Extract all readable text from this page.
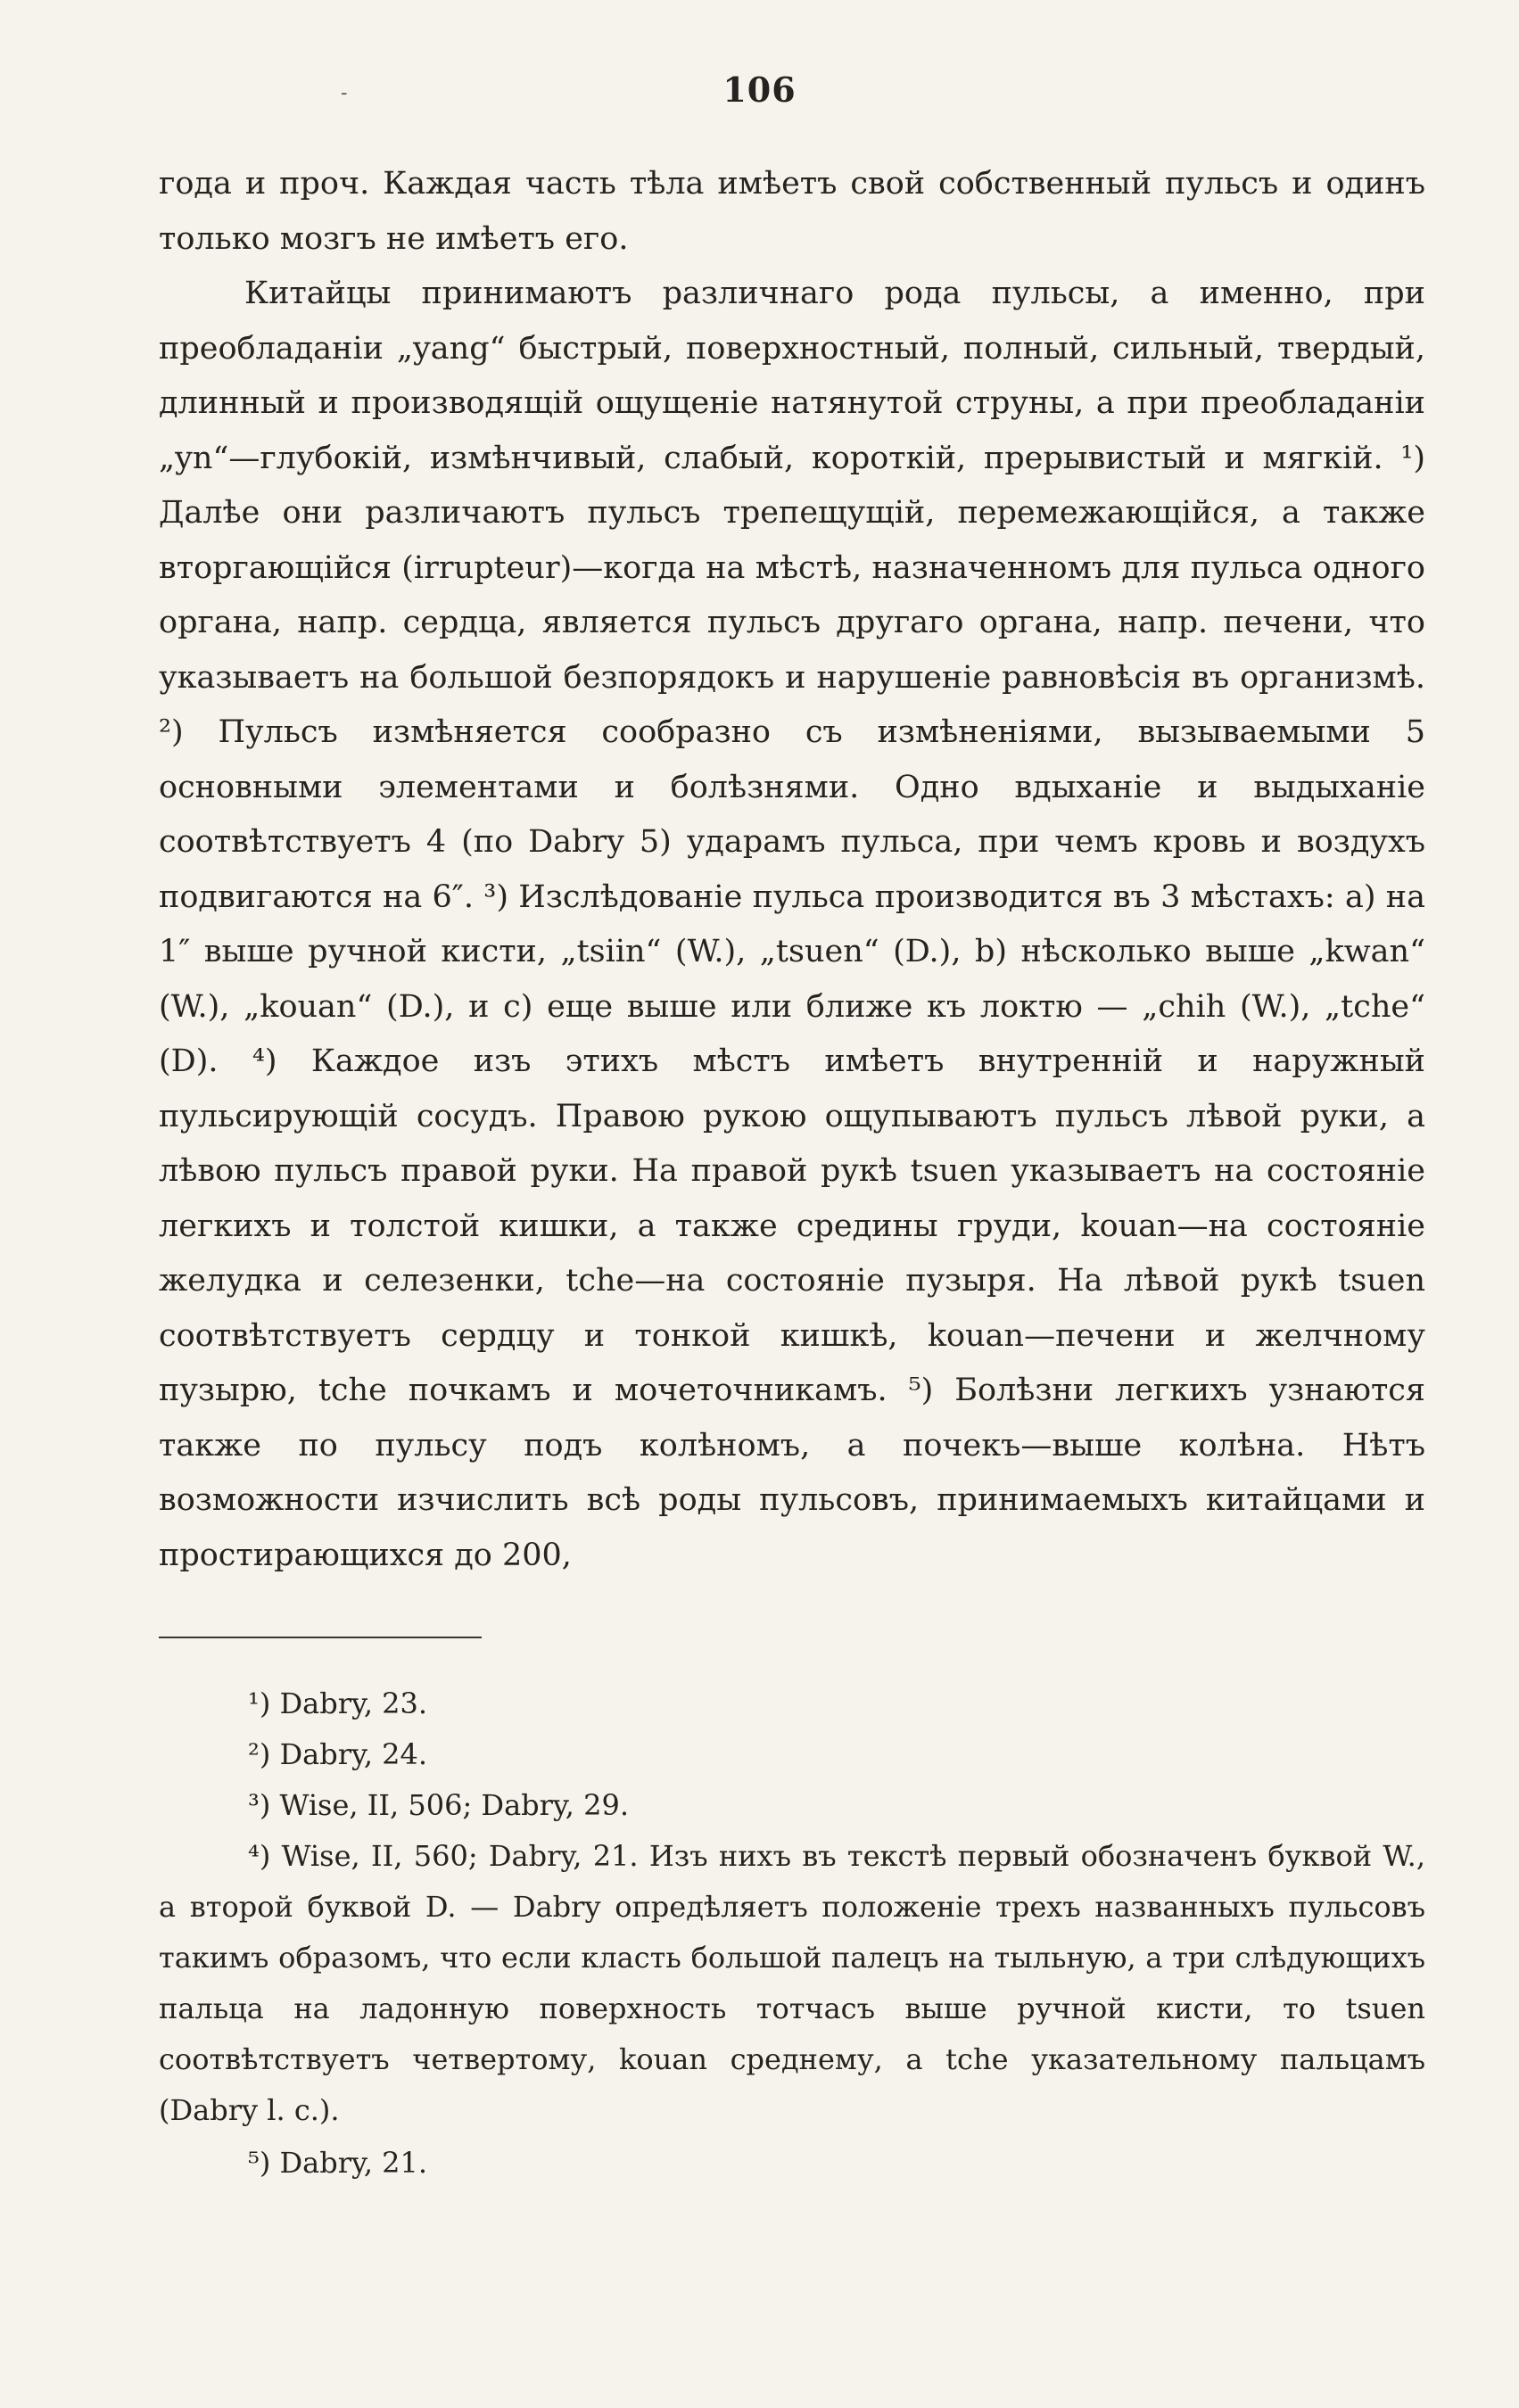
106
-

года и проч. Каждая часть тѣла имѣетъ свой собственный пульсъ и одинъ только мозгъ не имѣетъ его.

Китайцы принимаютъ различнаго рода пульсы, а именно, при преобладаніи „yang“ быстрый, поверхностный, полный, сильный, твердый, длинный и производящій ощущеніе натянутой струны, а при преобладаніи „yn“—глубокій, измѣнчивый, слабый, короткій, прерывистый и мягкій. ¹) Далѣе они различаютъ пульсъ трепещущій, перемежающійся, а также вторгающійся (irrupteur)—когда на мѣстѣ, назначенномъ для пульса одного органа, напр. сердца, является пульсъ другаго органа, напр. печени, что указываетъ на большой безпорядокъ и нарушеніе равновѣсія въ организмѣ. ²) Пульсъ измѣняется сообразно съ измѣненіями, вызываемыми 5 основными элементами и болѣзнями. Одно вдыханіе и выдыханіе соотвѣтствуетъ 4 (по Dabry 5) ударамъ пульса, при чемъ кровь и воздухъ подвигаются на 6″. ³) Изслѣдованіе пульса производится въ 3 мѣстахъ: a) на 1″ выше ручной кисти, „tsiin“ (W.), „tsuen“ (D.), b) нѣсколько выше „kwan“ (W.), „kouan“ (D.), и c) еще выше или ближе къ локтю — „chih (W.), „tche“ (D). ⁴) Каждое изъ этихъ мѣстъ имѣетъ внутренній и наружный пульсирующій сосудъ. Правою рукою ощупываютъ пульсъ лѣвой руки, а лѣвою пульсъ правой руки. На правой рукѣ tsuen указываетъ на состояніе легкихъ и толстой кишки, а также средины груди, kouan—на состояніе желудка и селезенки, tche—на состояніе пузыря. На лѣвой рукѣ tsuen соотвѣтствуетъ сердцу и тонкой кишкѣ, kouan—печени и желчному пузырю, tche почкамъ и мочеточникамъ. ⁵) Болѣзни легкихъ узнаются также по пульсу подъ колѣномъ, а почекъ—выше колѣна. Нѣтъ возможности изчислить всѣ роды пульсовъ, принимаемыхъ китайцами и простирающихся до 200,

¹) Dabry, 23.

²) Dabry, 24.

³) Wise, II, 506; Dabry, 29.

⁴) Wise, II, 560; Dabry, 21. Изъ нихъ въ текстѣ первый обозначенъ буквой W., а второй буквой D. — Dabry опредѣляетъ положеніе трехъ названныхъ пульсовъ такимъ образомъ, что если класть большой палецъ на тыльную, а три слѣдующихъ пальца на ладонную поверхность тотчасъ выше ручной кисти, то tsuen соотвѣтствуетъ четвертому, kouan среднему, а tche указательному пальцамъ (Dabry l. c.).

⁵) Dabry, 21.
